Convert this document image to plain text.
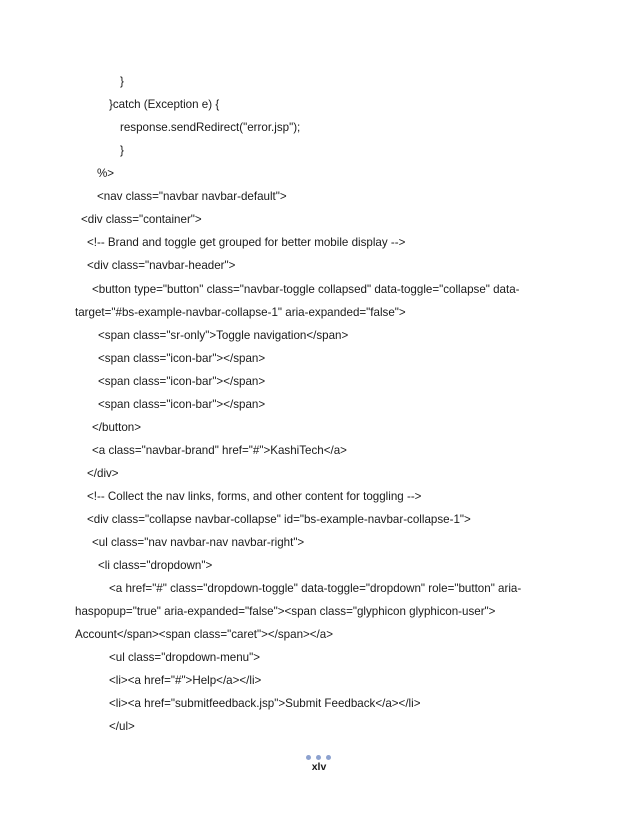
}
}catch (Exception e) {
response.sendRedirect("error.jsp");
}
%>
<nav class="navbar navbar-default">
<div class="container">
<!-- Brand and toggle get grouped for better mobile display -->
<div class="navbar-header">
<button type="button" class="navbar-toggle collapsed" data-toggle="collapse" data-
target="#bs-example-navbar-collapse-1" aria-expanded="false">
<span class="sr-only">Toggle navigation</span>
<span class="icon-bar"></span>
<span class="icon-bar"></span>
<span class="icon-bar"></span>
</button>
<a class="navbar-brand" href="#">KashiTech</a>
</div>
<!-- Collect the nav links, forms, and other content for toggling -->
<div class="collapse navbar-collapse" id="bs-example-navbar-collapse-1">
<ul class="nav navbar-nav navbar-right">
<li class="dropdown">
<a href="#" class="dropdown-toggle" data-toggle="dropdown" role="button" aria-
haspopup="true" aria-expanded="false"><span class="glyphicon glyphicon-user">
Account</span><span class="caret"></span></a>
<ul class="dropdown-menu">
<li><a href="#">Help</a></li>
<li><a href="submitfeedback.jsp">Submit Feedback</a></li>
</ul>
xlv
